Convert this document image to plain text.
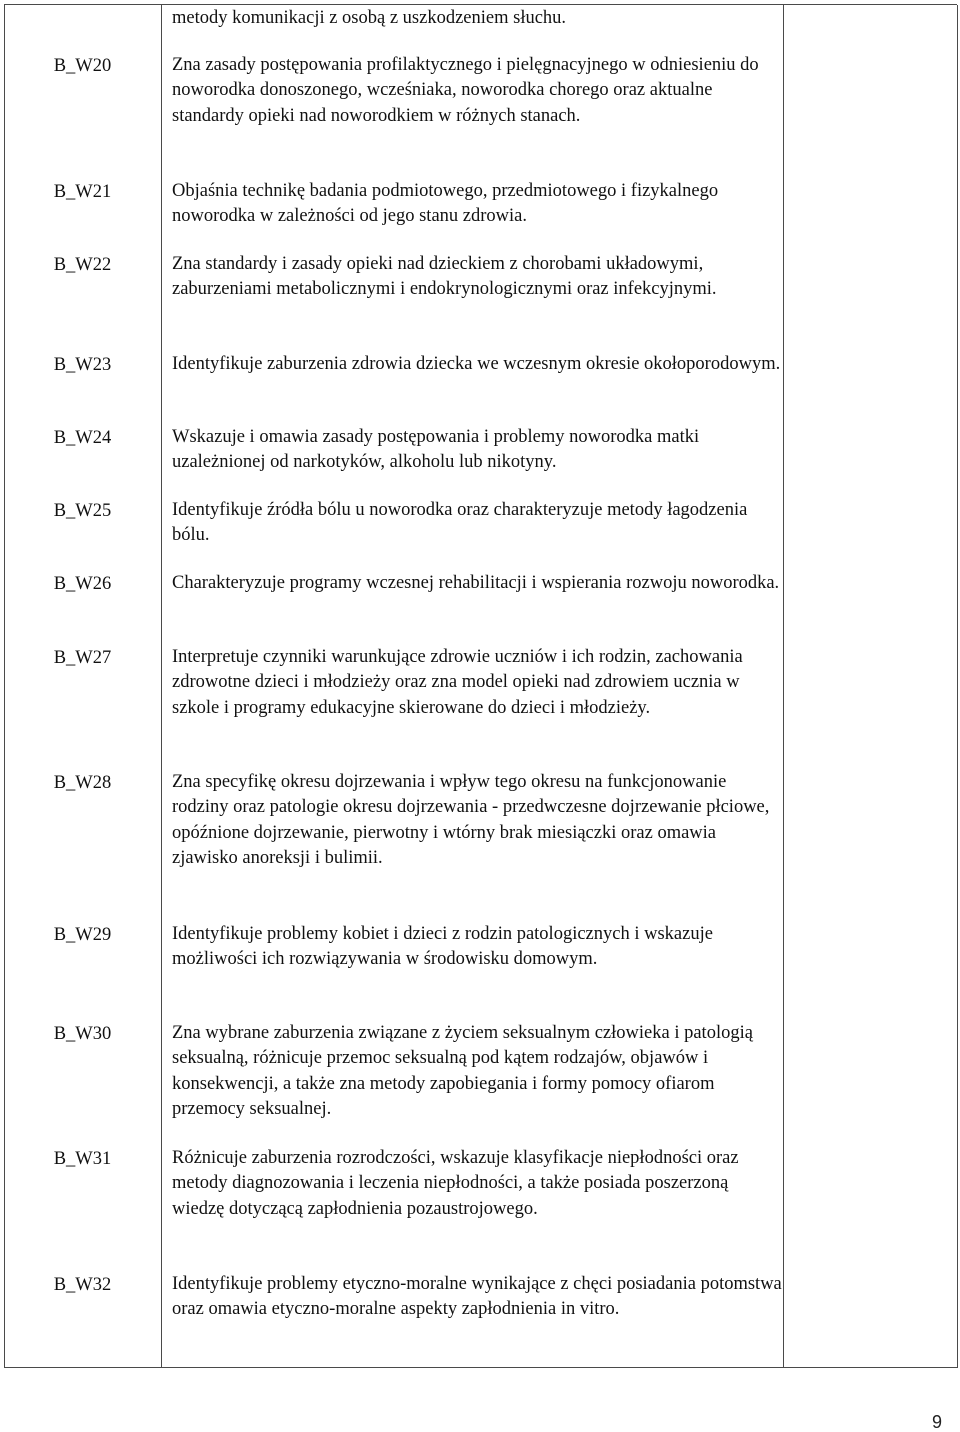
metody komunikacji z osobą z uszkodzeniem słuchu.
B_W20	Zna zasady postępowania profilaktycznego i pielęgnacyjnego w odniesieniu do noworodka donoszonego, wcześniaka, noworodka chorego oraz aktualne standardy opieki nad noworodkiem w różnych stanach.
B_W21	Objaśnia technikę badania podmiotowego, przedmiotowego i fizykalnego noworodka w zależności od jego stanu zdrowia.
B_W22	Zna standardy i zasady opieki nad dzieckiem z chorobami układowymi, zaburzeniami metabolicznymi i endokrynologicznymi oraz infekcyjnymi.
B_W23	Identyfikuje zaburzenia zdrowia dziecka we wczesnym okresie okołoporodowym.
B_W24	Wskazuje i omawia zasady postępowania i problemy noworodka matki uzależnionej od narkotyków, alkoholu lub nikotyny.
B_W25	Identyfikuje źródła bólu u noworodka oraz charakteryzuje metody łagodzenia bólu.
B_W26	Charakteryzuje programy wczesnej rehabilitacji i wspierania rozwoju noworodka.
B_W27	Interpretuje czynniki warunkujące zdrowie uczniów i ich rodzin, zachowania zdrowotne dzieci i młodzieży oraz zna model opieki nad zdrowiem ucznia w szkole i programy edukacyjne skierowane do dzieci i młodzieży.
B_W28	Zna specyfikę okresu dojrzewania i wpływ tego okresu na funkcjonowanie rodziny oraz patologie okresu dojrzewania - przedwczesne dojrzewanie płciowe, opóźnione dojrzewanie, pierwotny i wtórny brak miesiączki oraz omawia zjawisko anoreksji i bulimii.
B_W29	Identyfikuje problemy kobiet i dzieci z rodzin patologicznych i wskazuje możliwości ich rozwiązywania w środowisku domowym.
B_W30	Zna wybrane zaburzenia związane z życiem seksualnym człowieka i patologią seksualną, różnicuje przemoc seksualną pod kątem rodzajów, objawów i konsekwencji, a także zna metody zapobiegania i formy pomocy ofiarom przemocy seksualnej.
B_W31	Różnicuje zaburzenia rozrodczości, wskazuje klasyfikacje niepłodności oraz metody diagnozowania i leczenia niepłodności, a także posiada poszerzoną wiedzę dotyczącą zapłodnienia pozaustrojowego.
B_W32	Identyfikuje problemy etyczno-moralne wynikające z chęci posiadania potomstwa oraz omawia etyczno-moralne aspekty zapłodnienia in vitro.
9
